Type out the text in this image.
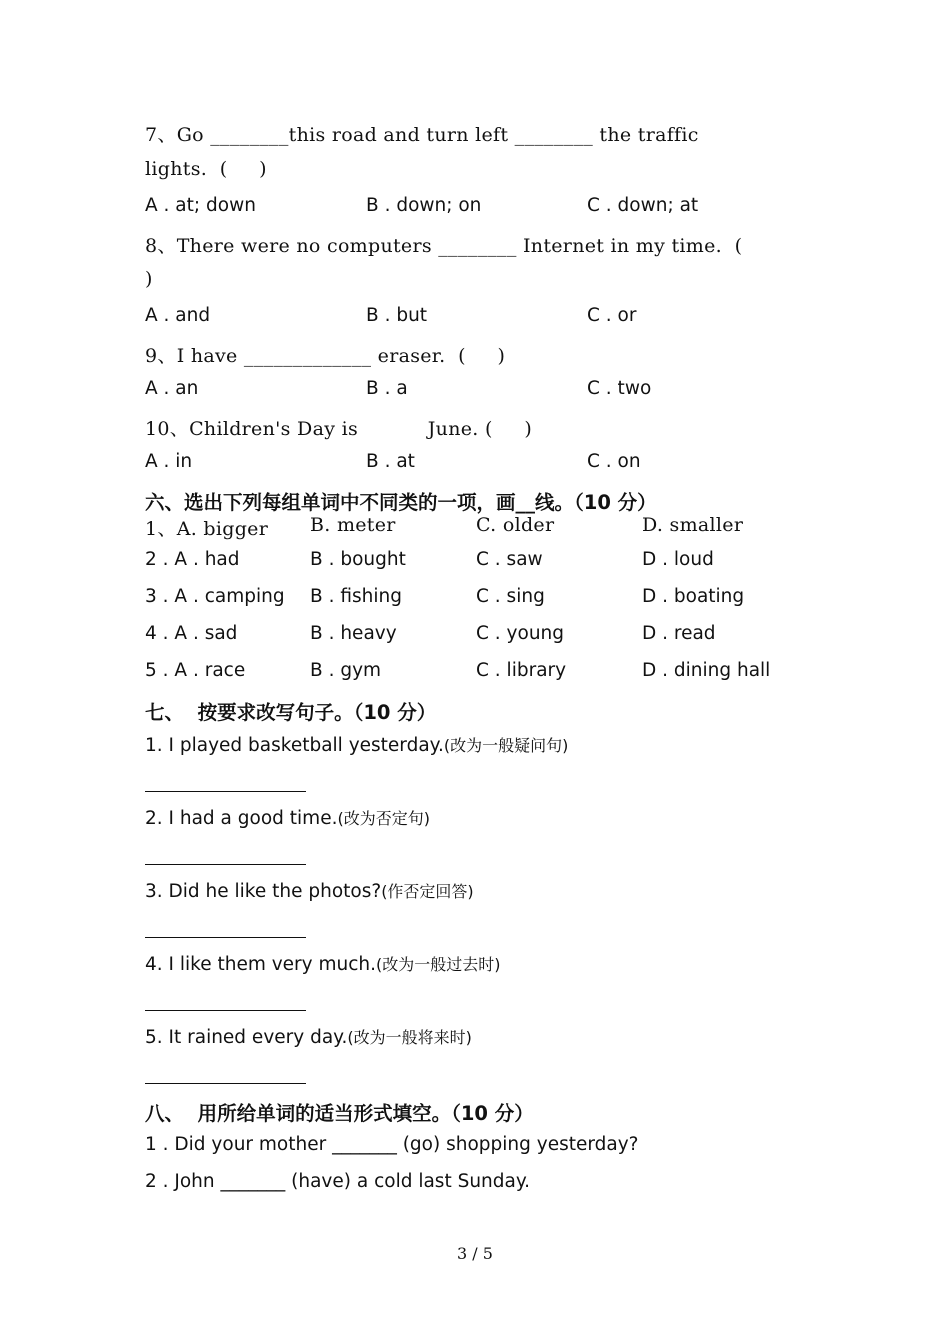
7、Go ________this road and turn left ________ the traffic
lights.  (     )
A . at; down	B . down; on	C . down; at
8、There were no computers ________ Internet in my time.  (
)
A . and	B . but	C . or
9、I have _____________ eraser.  (     )
A . an	B . a	C . two
10、Children's Day is           June. (     )
A . in	B . at	C . on
六、选出下列每组单词中不同类的一项，画__线。（10 分）
1、A. bigger B. meter	C. older	D. smaller
2 . A . had	B . bought	C . saw	D . loud
3 . A . camping B . fishing	C . sing	D . boating
4 . A . sad	B . heavy	C . young	D . read
5 . A . race	B . gym	C . library	D . dining hall
七、  按要求改写句子。（10 分）
1. I played basketball yesterday.(改为一般疑问句)
2. I had a good time.(改为否定句)
3. Did he like the photos?(作否定回答)
4. I like them very much.(改为一般过去时)
5. It rained every day.(改为一般将来时)
八、  用所给单词的适当形式填空。（10 分）
1 . Did your mother _______ (go) shopping yesterday?
2 . John _______ (have) a cold last Sunday.
3 / 5
